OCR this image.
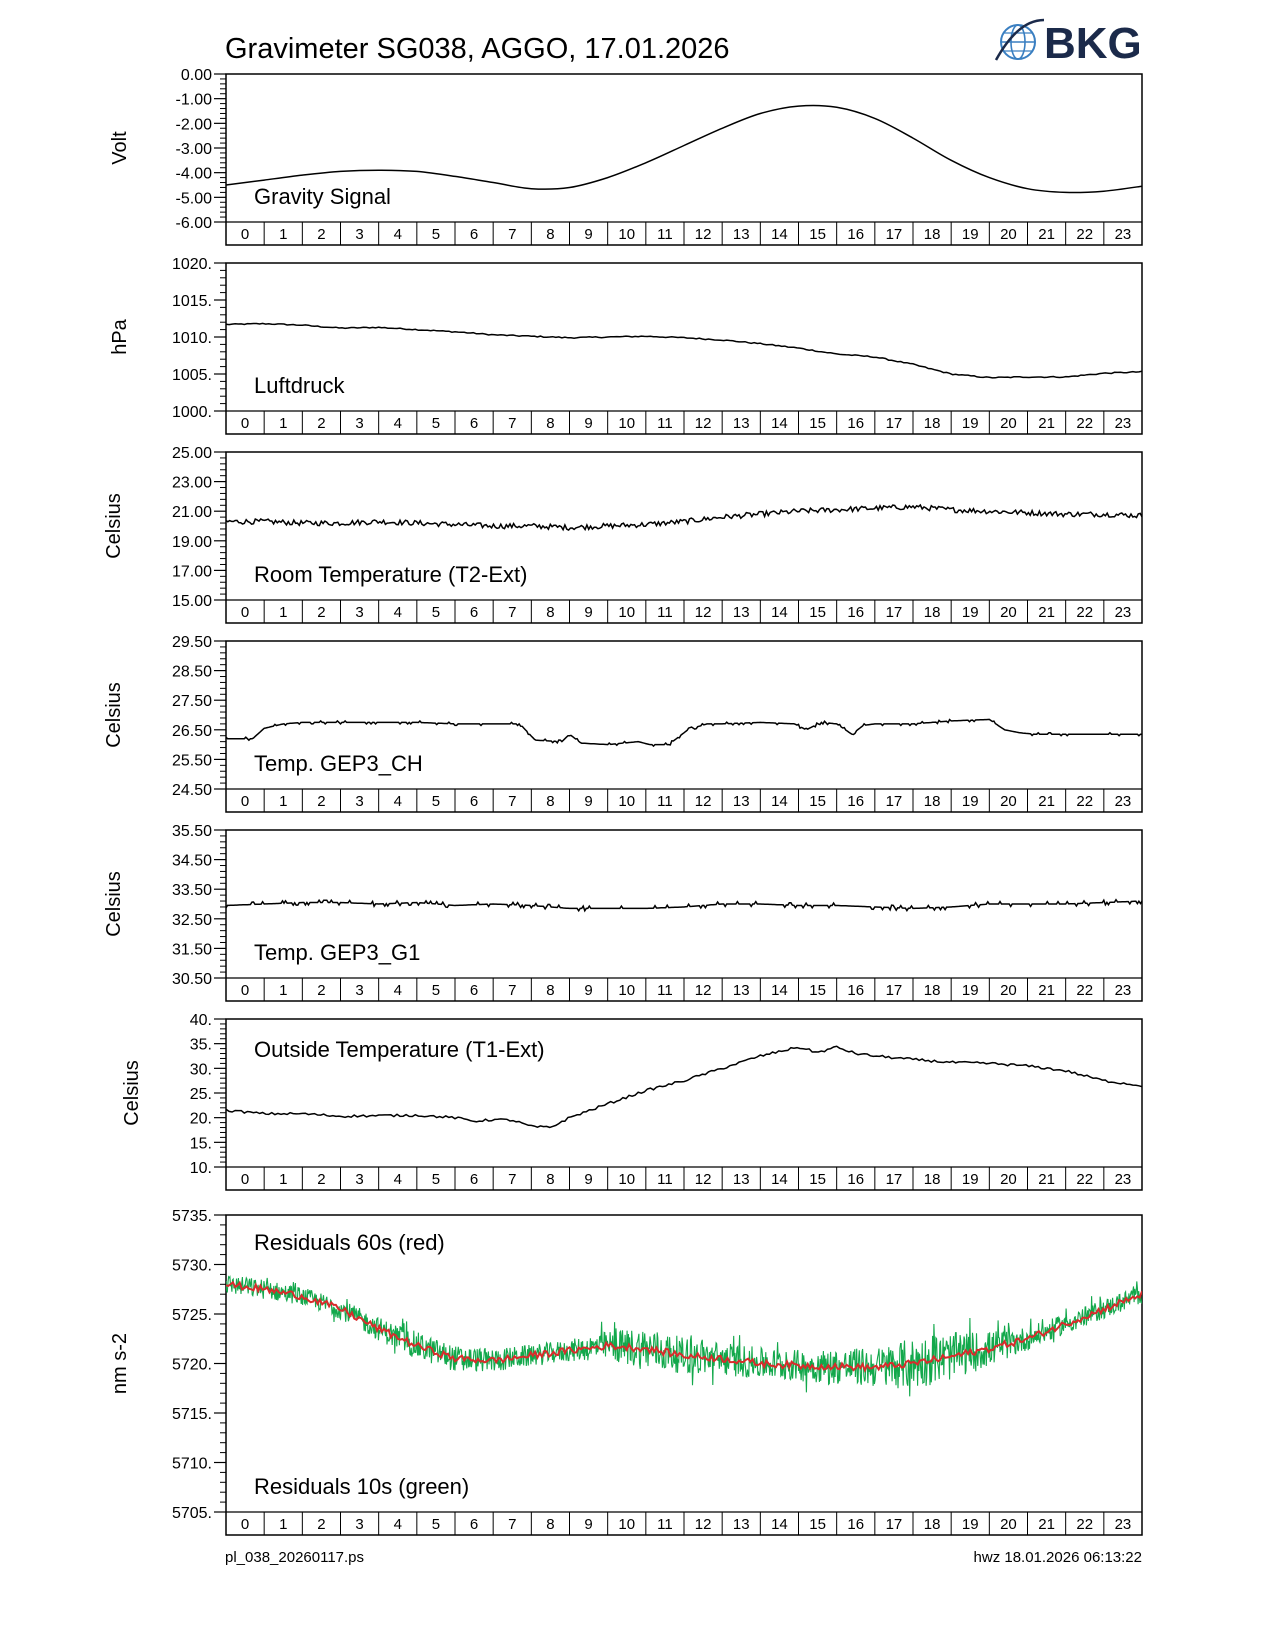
Gravimeter SG038, AGGO, 17.01.2026	BKG
0.00
-1.00
-2.00
-3.00
-4.00
-5.00
-6.00
Volt
0 1 2 3 4 5 6 7 8 9 10 11 12 13 14 15 16 17 18 19 20 21 22 23
Gravity Signal
1020.
1015.
1010.
1005.
1000.
hPa
0 1 2 3 4 5 6 7 8 9 10 11 12 13 14 15 16 17 18 19 20 21 22 23
Luftdruck
25.00
23.00
21.00
19.00
17.00
15.00
Celsius
0 1 2 3 4 5 6 7 8 9 10 11 12 13 14 15 16 17 18 19 20 21 22 23
Room Temperature (T2-Ext)
29.50
28.50
27.50
26.50
25.50
24.50
Celsius
0 1 2 3 4 5 6 7 8 9 10 11 12 13 14 15 16 17 18 19 20 21 22 23
Temp. GEP3_CH
35.50
34.50
33.50
32.50
31.50
30.50
Celsius
0 1 2 3 4 5 6 7 8 9 10 11 12 13 14 15 16 17 18 19 20 21 22 23
Temp. GEP3_G1
40.
35.
30.
25.
20.
15.
10.
Celsius
0 1 2 3 4 5 6 7 8 9 10 11 12 13 14 15 16 17 18 19 20 21 22 23
Outside Temperature (T1-Ext)
5735.
5730.
5725.
5720.
5715.
5710.
5705.
nm s-2
0 1 2 3 4 5 6 7 8 9 10 11 12 13 14 15 16 17 18 19 20 21 22 23
Residuals 60s (red)
Residuals 10s (green)
pl_038_20260117.ps	hwz 18.01.2026 06:13:22
